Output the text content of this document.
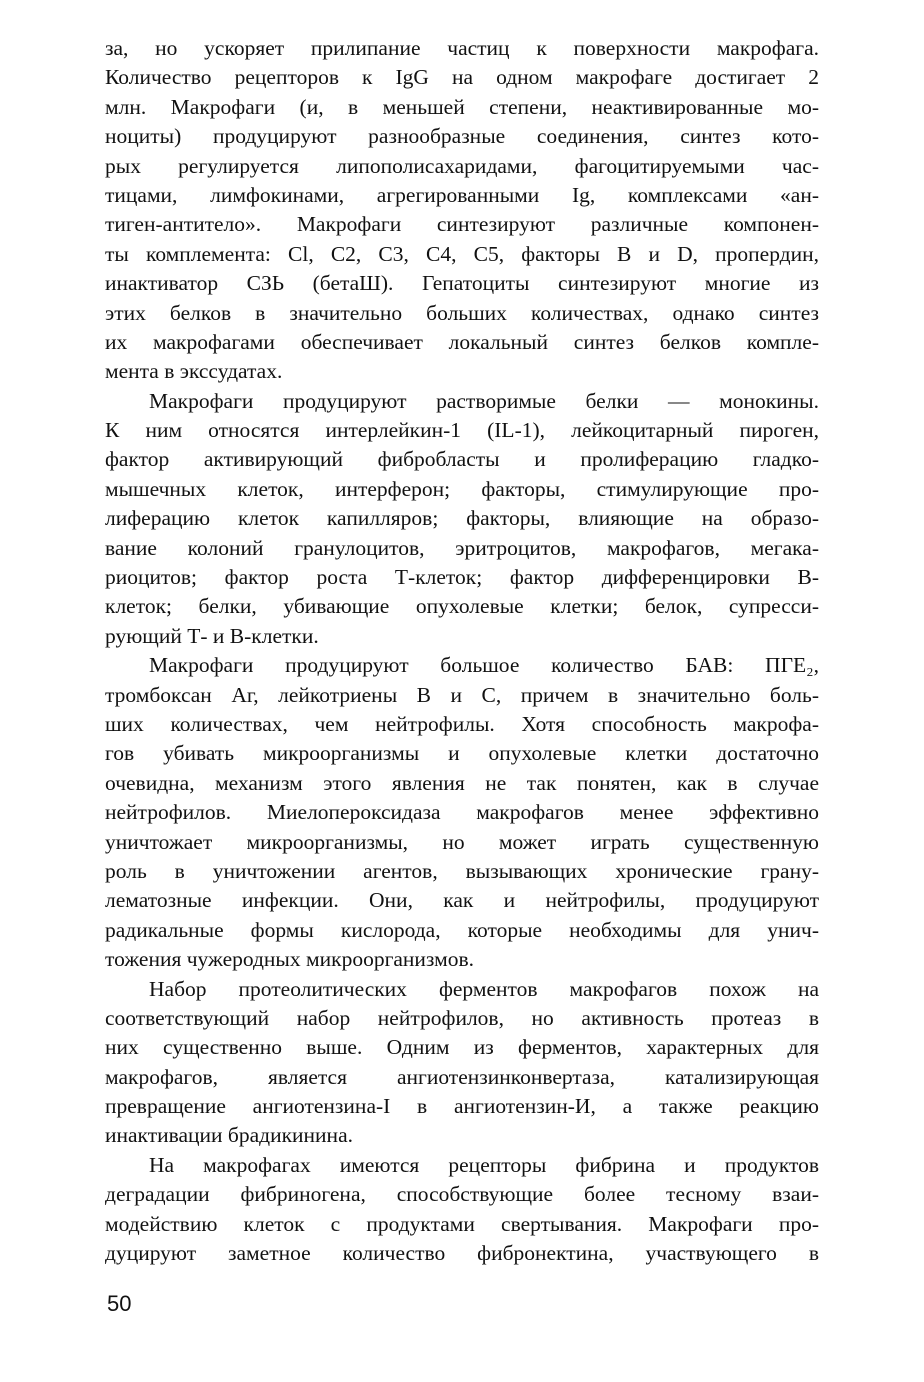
за, но ускоряет прилипание частиц к поверхности макрофага.
Количество рецепторов к IgG на одном макрофаге достигает 2
млн. Макрофаги (и, в меньшей степени, неактивированные мо-
ноциты) продуцируют разнообразные соединения, синтез кото-
рых регулируется липополисахаридами, фагоцитируемыми час-
тицами, лимфокинами, агрегированными Ig, комплексами «ан-
тиген-антитело». Макрофаги синтезируют различные компонен-
ты комплемента: Cl, C2, C3, C4, C5, факторы В и D, пропердин,
инактиватор СЗЬ (бетаШ). Гепатоциты синтезируют многие из
этих белков в значительно больших количествах, однако синтез
их макрофагами обеспечивает локальный синтез белков компле-
мента в экссудатах.
Макрофаги продуцируют растворимые белки — монокины.
К ним относятся интерлейкин-1 (IL-1), лейкоцитарный пироген,
фактор активирующий фибробласты и пролиферацию гладко-
мышечных клеток, интерферон; факторы, стимулирующие про-
лиферацию клеток капилляров; факторы, влияющие на образо-
вание колоний гранулоцитов, эритроцитов, макрофагов, мегака-
риоцитов; фактор роста Т-клеток; фактор дифференцировки В-
клеток; белки, убивающие опухолевые клетки; белок, супресси-
рующий Т- и В-клетки.
Макрофаги продуцируют большое количество БАВ: ПГЕ₂,
тромбоксан Аг, лейкотриены В и С, причем в значительно боль-
ших количествах, чем нейтрофилы. Хотя способность макрофа-
гов убивать микроорганизмы и опухолевые клетки достаточно
очевидна, механизм этого явления не так понятен, как в случае
нейтрофилов. Миелопероксидаза макрофагов менее эффективно
уничтожает микроорганизмы, но может играть существенную
роль в уничтожении агентов, вызывающих хронические грану-
лематозные инфекции. Они, как и нейтрофилы, продуцируют
радикальные формы кислорода, которые необходимы для унич-
тожения чужеродных микроорганизмов.
Набор протеолитических ферментов макрофагов похож на
соответствующий набор нейтрофилов, но активность протеаз в
них существенно выше. Одним из ферментов, характерных для
макрофагов, является ангиотензинконвертаза, катализирующая
превращение ангиотензина-I в ангиотензин-И, а также реакцию
инактивации брадикинина.
На макрофагах имеются рецепторы фибрина и продуктов
деградации фибриногена, способствующие более тесному взаи-
модействию клеток с продуктами свертывания. Макрофаги про-
дуцируют заметное количество фибронектина, участвующего в
50
